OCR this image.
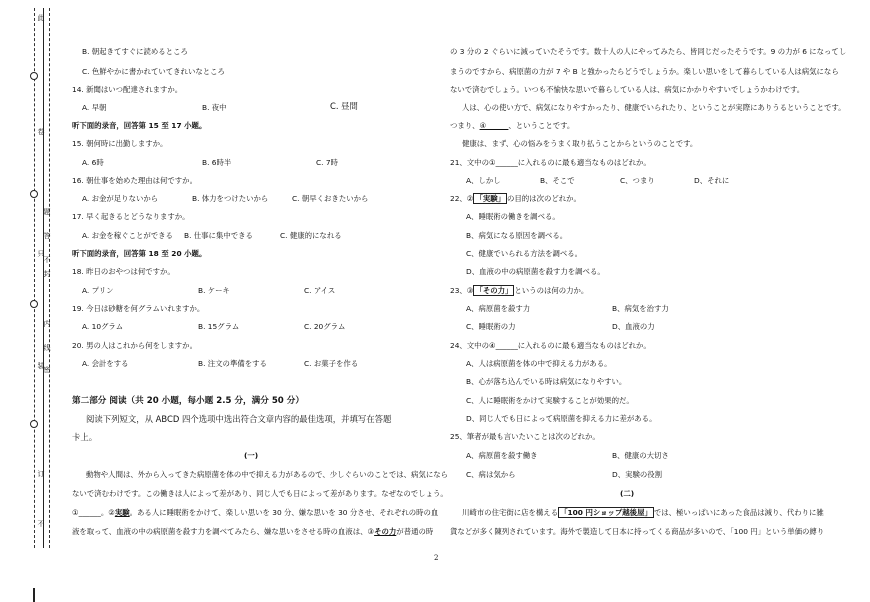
此
卷
只
装
订
不
题
答
不
内
线
封
密
B. 朝起きてすぐに読めるところ
C. 色鮮やかに書かれていてきれいなところ
14. 新聞はいつ配達されますか。
A. 早朝	B. 夜中	C. 昼間
听下面的录音，回答第 15 至 17 小题。
15. 朝何時に出勤しますか。
A. 6時	B. 6時半	C. 7時
16. 朝仕事を始めた理由は何ですか。
A. お金が足りないから	B. 体力をつけたいから	C. 朝早くおきたいから
17. 早く起きるとどうなりますか。
A. お金を稼ぐことができる B. 仕事に集中できる	C. 健康的になれる
听下面的录音，回答第 18 至 20 小题。
18. 昨日のおやつは何ですか。
A. プリン	B. ケーキ	C. アイス
19. 今日は砂糖を何グラムいれますか。
A. 10グラム	B. 15グラム	C. 20グラム
20. 男の人はこれから何をしますか。
A. 会計をする	B. 注文の準備をする	C. お菓子を作る
第二部分 阅读（共 20 小题，每小题 2.5 分，满分 50 分）
阅读下列短文，从 ABCD 四个选项中选出符合文章内容的最佳选项，并填写在答题
卡上。
(一)
動物や人間は、外から入ってきた病原菌を体の中で抑える力があるので、少しぐらいのことでは、病気になら
ないで済むわけです。この働きは人によって差があり、同じ人でも日によって差があります。なぜなのでしょう。
①______。②実験。ある人に睡眠術をかけて、楽しい思いを 30 分、嫌な思いを 30 分させ、それぞれの時の血
液を取って、血液の中の病原菌を殺す力を調べてみたら、嫌な思いをさせる時の血液は、③その力が普通の時
の 3 分の 2 ぐらいに減っていたそうです。数十人の人にやってみたら、皆同じだったそうです。9 の力が 6 になってし
まうのですから、病原菌の力が 7 や B と強かったらどうでしょうか。楽しい思いをして暮らしている人は病気になら
ないで済むでしょう。いつも不愉快な思いで暮らしている人は、病気にかかりやすいでしょうかわけです。
人は、心の使い方で、病気になりやすかったり、健康でいられたり、ということが実際にありうるということです。
つまり、④______、ということです。
健康は、まず、心の悩みをうまく取り払うことからというのことです。
21、文中の①______に入れるのに最も適当なものはどれか。
A、しかし	B、そこで	C、つまり	D、それに
22、② 「実験」 の目的は次のどれか。
A、睡眠術の働きを調べる。
B、病気になる原因を調べる。
C、健康でいられる方法を調べる。
D、血液の中の病原菌を殺す力を調べる。
23、③ 「その力」 というのは何の力か。
A、病原菌を殺す力	B、病気を治す力
C、睡眠術の力	D、血液の力
24、文中の④______に入れるのに最も適当なものはどれか。
A、人は病原菌を体の中で抑える力がある。
B、心が落ち込んでいる時は病気になりやすい。
C、人に睡眠術をかけて実験することが効果的だ。
D、同じ人でも日によって病原菌を抑える力に差がある。
25、筆者が最も言いたいことは次のどれか。
A、病原菌を殺す働き	B、健康の大切さ
C、病は気から	D、実験の役割
(二)
川崎市の住宅街に店を構える 「100 円ショップ越後屋」 では、極いっぱいにあった食品は減り、代わりに雑
貨などが多く陳列されています。海外で製造して日本に持ってくる商品が多いので、「100 円」という単価の縛り
2
